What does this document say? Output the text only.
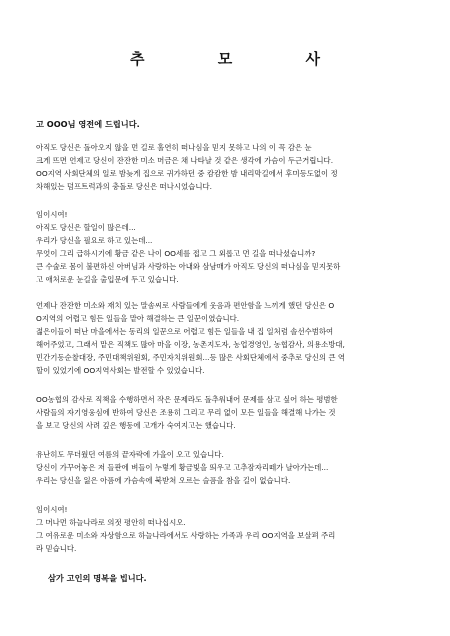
추 모 사
고 OOO님 영전에 드립니다.
아직도 당신은 돌아오지 않을 먼 길로 홀연히 떠나심을 믿지 못하고 나의 이 꼭 감은 눈
크게 뜨면 언제고 당신이 잔잔한 미소 머금은 채 나타날 것 같은 생각에 가슴이 두근거립니다.
OO지역 사회단체의 일로 밤늦게 집으로 귀가하던 중 캄캄한 밤 내리막길에서 후미등도없이 정
차해있는 덤프트럭과의 충돌로 당신은 떠나시었습니다.
임이시여!
아직도 당신은 할일이 많은데...
우리가 당신을 필요로 하고 있는데...
무엇이 그리 급하시기에 황금 같은 나이 OO세를 접고 그 외롭고 먼 길을 떠나셨습니까?
큰 수술로 몸이 불편하신 아버님과 사랑하는 아내와 삼남매가 아직도 당신의 떠나심을 믿지못하
고 애처로운 눈길을 출입문에 두고 있습니다.
언제나 잔잔한 미소와 재치 있는 말솜씨로 사람들에게 웃음과 편안함을 느끼게 했던 당신은 O
O지역의 어렵고 힘든 일들을 맡아 해결하는 큰 일꾼이였습니다.
젊은이들이 떠난 마을에서는 동리의 일꾼으로 어렵고 힘든 일들을 내 집 일처럼 솔선수범하여
해어주었고, 그래서 맡은 직책도 많아 마을 이장, 농촌지도자, 농업경영인, 농협감사, 의용소방대,
민간기동순찰대장, 주민대책위원회, 주민자치위원회...등 많은 사회단체에서 중추로 당신의 큰 역
할이 있었기에 OO지역사회는 발전할 수 있었습니다.
OO농협의 감사로 직책을 수행하면서 작은 문제라도 돌추워내어 문제를 삼고 싶어 하는 평범한
사람들의 자기영웅심에 반하여 당신은 조용히 그리고 무리 없이 모든 일들을 해결해 나가는 것
을 보고 당신의 사려 깊은 행동에 고개가 숙여지고는 했습니다.
유난히도 무더웠던 여름의 끝자락에 가을이 오고 있습니다.
당신이 가꾸어놓은 저 들판에 벼들이 누렇게 황금빛을 띄우고 고추잠자리떼가 날아가는데...
우리는 당신을 잃은 아픔에 가슴속에 북받쳐 오르는 슬픔을 참을 길이 없습니다.
임이시여!
그 머나먼 하늘나라로 의젓 평안히 떠나십시오.
그 여유로운 미소와 자상함으로 하늘나라에서도 사랑하는 가족과 우리 OO지역을 보살펴 주리
라 믿습니다.
삼가 고인의 명복을 빕니다.
